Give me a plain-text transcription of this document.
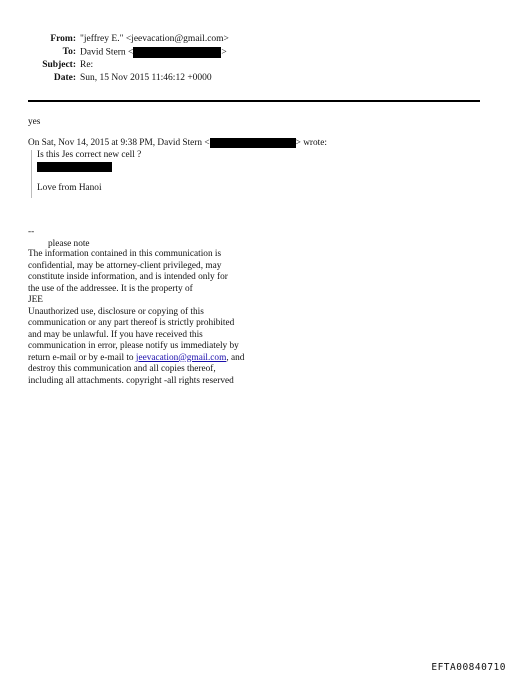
From: "jeffrey E." <jeevacation@gmail.com>
To: David Stern <	>
Subject: Re:
Date: Sun, 15 Nov 2015 11:46:12 +0000
yes
On Sat, Nov 14, 2015 at 9:38 PM, David Stern <	> wrote:
Is this Jes correct new cell ?
Love from Hanoi
--
please note
The information contained in this communication is
confidential, may be attorney-client privileged, may
constitute inside information, and is intended only for
the use of the addressee. It is the property of
JEE
Unauthorized use, disclosure or copying of this
communication or any part thereof is strictly prohibited
and may be unlawful. If you have received this
communication in error, please notify us immediately by
return e-mail or by e-mail to jeevacation@gmail.com, and
destroy this communication and all copies thereof,
including all attachments. copyright -all rights reserved
EFTA00840710
